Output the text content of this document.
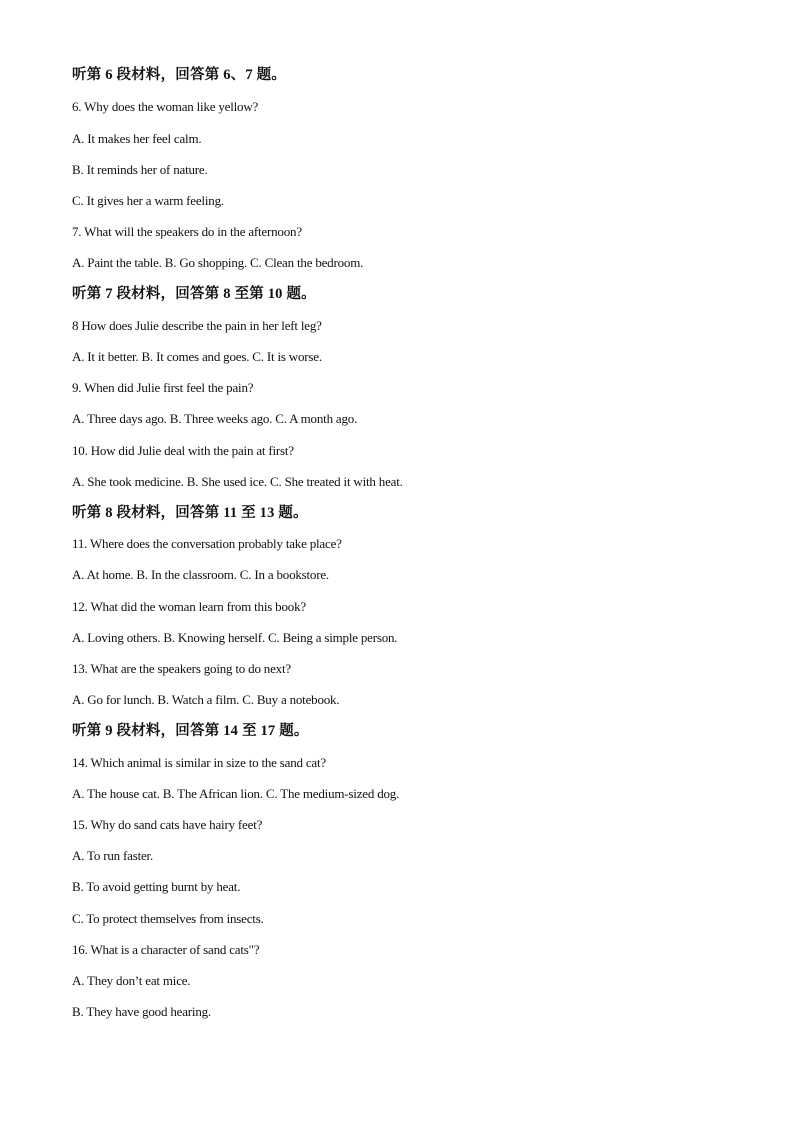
听第 6 段材料，回答第 6、7 题。
6. Why does the woman like yellow?
A. It makes her feel calm.
B. It reminds her of nature.
C. It gives her a warm feeling.
7. What will the speakers do in the afternoon?
A. Paint the table. B. Go shopping. C. Clean the bedroom.
听第 7 段材料，回答第 8 至第 10 题。
8 How does Julie describe the pain in her left leg?
A. It it better. B. It comes and goes. C. It is worse.
9. When did Julie first feel the pain?
A. Three days ago. B. Three weeks ago. C. A month ago.
10. How did Julie deal with the pain at first?
A. She took medicine. B. She used ice. C. She treated it with heat.
听第 8 段材料，回答第 11 至 13 题。
11. Where does the conversation probably take place?
A. At home. B. In the classroom. C. In a bookstore.
12. What did the woman learn from this book?
A. Loving others. B. Knowing herself. C. Being a simple person.
13. What are the speakers going to do next?
A. Go for lunch. B. Watch a film. C. Buy a notebook.
听第 9 段材料，回答第 14 至 17 题。
14. Which animal is similar in size to the sand cat?
A. The house cat. B. The African lion. C. The medium-sized dog.
15. Why do sand cats have hairy feet?
A. To run faster.
B. To avoid getting burnt by heat.
C. To protect themselves from insects.
16. What is a character of sand cats"?
A. They don’t eat mice.
B. They have good hearing.
